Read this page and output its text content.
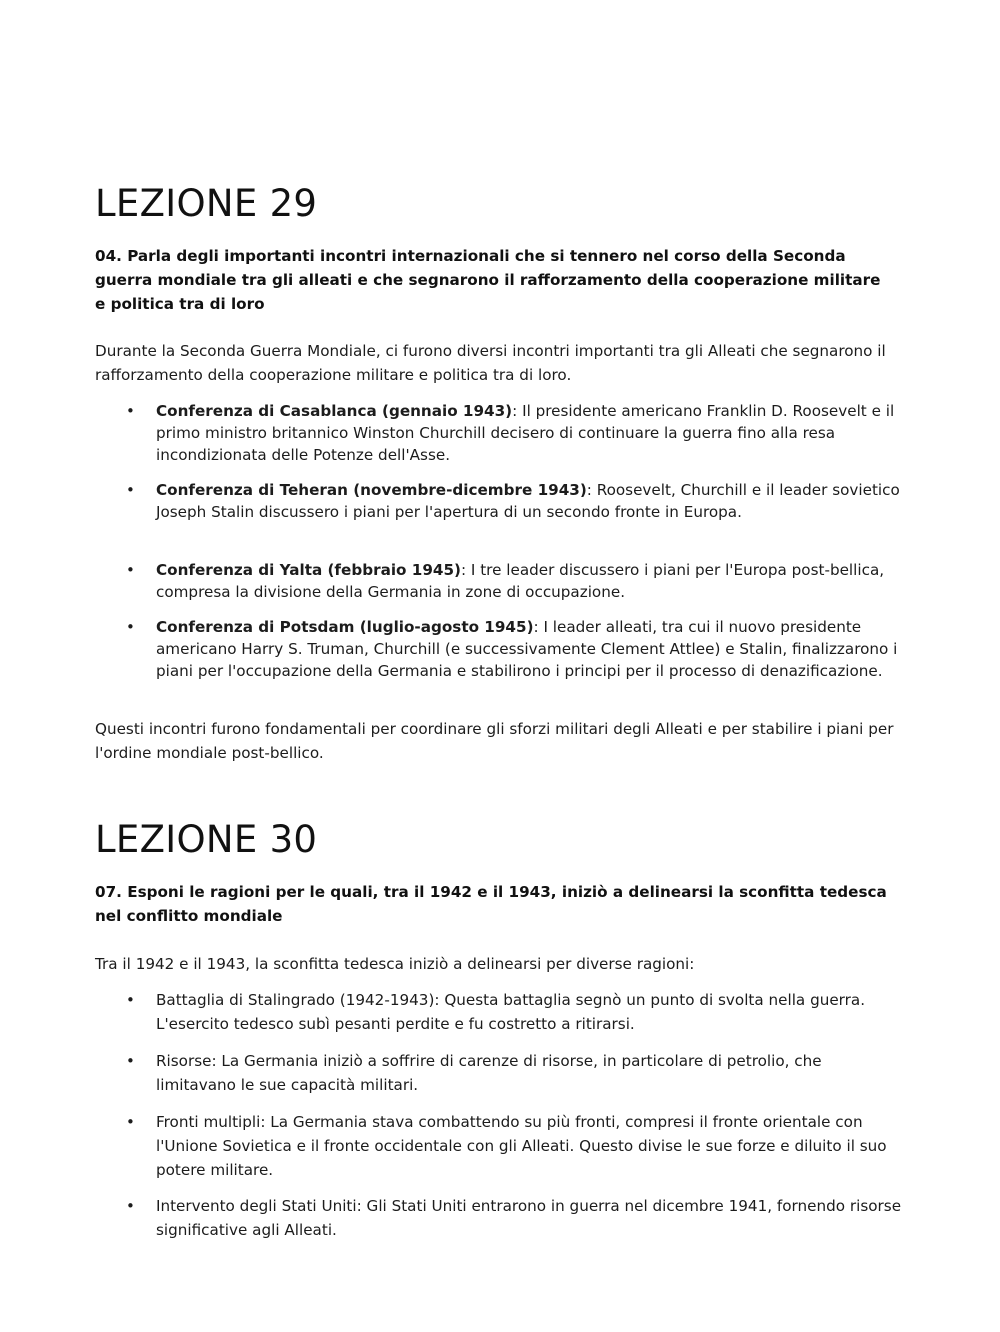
LEZIONE 29

04. Parla degli importanti incontri internazionali che si tennero nel corso della Seconda guerra mondiale tra gli alleati e che segnarono il rafforzamento della cooperazione militare e politica tra di loro

Durante la Seconda Guerra Mondiale, ci furono diversi incontri importanti tra gli Alleati che segnarono il rafforzamento della cooperazione militare e politica tra di loro.

• Conferenza di Casablanca (gennaio 1943): Il presidente americano Franklin D. Roosevelt e il primo ministro britannico Winston Churchill decisero di continuare la guerra fino alla resa incondizionata delle Potenze dell'Asse.
• Conferenza di Teheran (novembre-dicembre 1943): Roosevelt, Churchill e il leader sovietico Joseph Stalin discussero i piani per l'apertura di un secondo fronte in Europa.
• Conferenza di Yalta (febbraio 1945): I tre leader discussero i piani per l'Europa post-bellica, compresa la divisione della Germania in zone di occupazione.
• Conferenza di Potsdam (luglio-agosto 1945): I leader alleati, tra cui il nuovo presidente americano Harry S. Truman, Churchill (e successivamente Clement Attlee) e Stalin, finalizzarono i piani per l'occupazione della Germania e stabilirono i principi per il processo di denazificazione.

Questi incontri furono fondamentali per coordinare gli sforzi militari degli Alleati e per stabilire i piani per l'ordine mondiale post-bellico.

LEZIONE 30

07. Esponi le ragioni per le quali, tra il 1942 e il 1943, iniziò a delinearsi la sconfitta tedesca nel conflitto mondiale

Tra il 1942 e il 1943, la sconfitta tedesca iniziò a delinearsi per diverse ragioni:

• Battaglia di Stalingrado (1942-1943): Questa battaglia segnò un punto di svolta nella guerra. L'esercito tedesco subì pesanti perdite e fu costretto a ritirarsi.
• Risorse: La Germania iniziò a soffrire di carenze di risorse, in particolare di petrolio, che limitavano le sue capacità militari.
• Fronti multipli: La Germania stava combattendo su più fronti, compresi il fronte orientale con l'Unione Sovietica e il fronte occidentale con gli Alleati. Questo divise le sue forze e diluito il suo potere militare.
• Intervento degli Stati Uniti: Gli Stati Uniti entrarono in guerra nel dicembre 1941, fornendo risorse significative agli Alleati.
